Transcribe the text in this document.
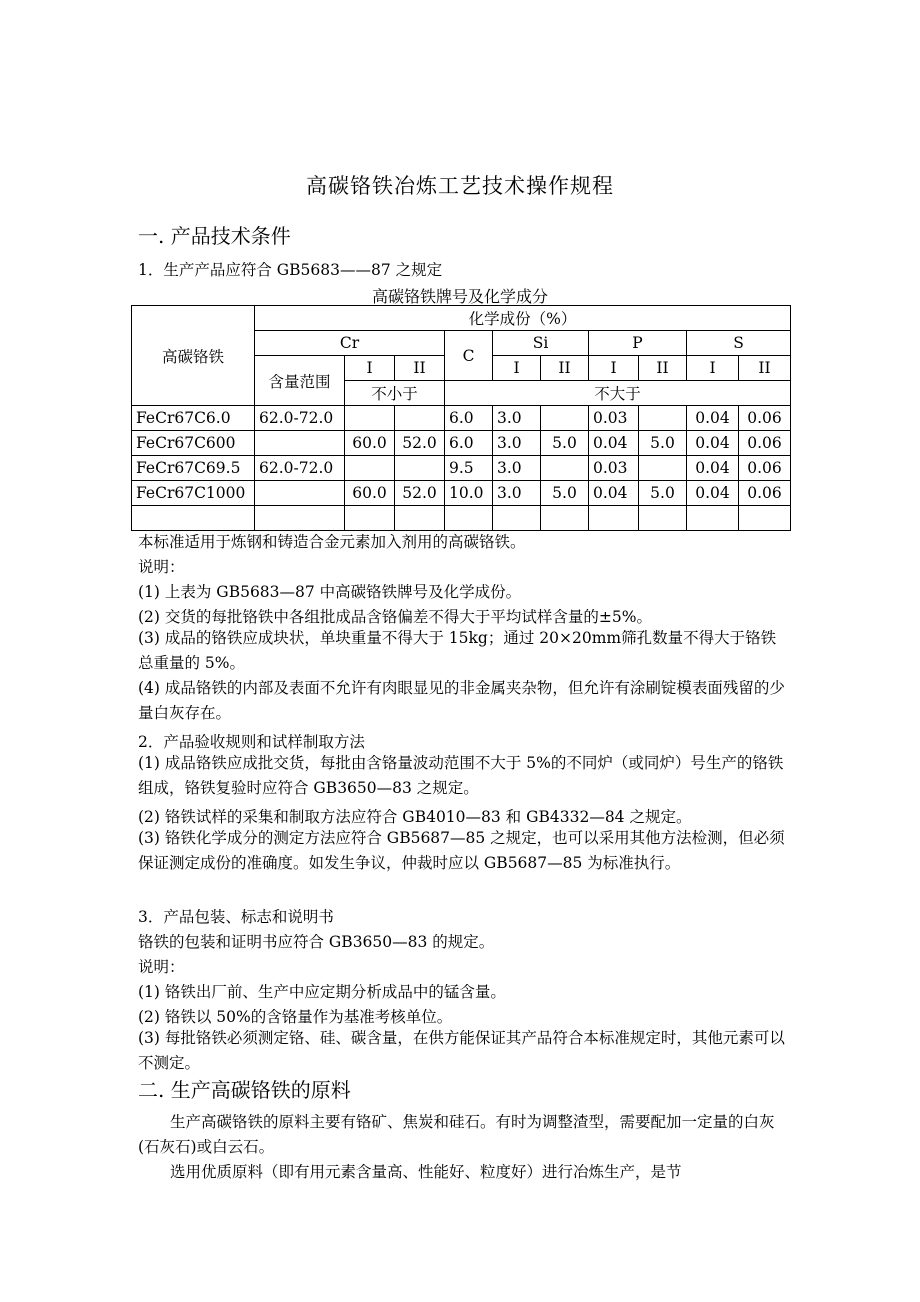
高碳铬铁冶炼工艺技术操作规程
一. 产品技术条件
1．生产产品应符合 GB5683——87 之规定
高碳铬铁牌号及化学成分
高碳铬铁	化学成份（%）									
	Cr			C	Si		P		S	
	含量范围	I	II		I	II	I	II	I	II
		不小于		不大于						
FeCr67C6.0	62.0-72.0			6.0	3.0		0.03		0.04	0.06
FeCr67C600		60.0	52.0	6.0	3.0	5.0	0.04	5.0	0.04	0.06
FeCr67C69.5	62.0-72.0			9.5	3.0		0.03		0.04	0.06
FeCr67C1000		60.0	52.0	10.0	3.0	5.0	0.04	5.0	0.04	0.06

本标准适用于炼钢和铸造合金元素加入剂用的高碳铬铁。
说明：
(1) 上表为 GB5683—87 中高碳铬铁牌号及化学成份。
(2) 交货的每批铬铁中各组批成品含铬偏差不得大于平均试样含量的±5%。
(3) 成品的铬铁应成块状，单块重量不得大于 15kg；通过 20×20mm筛孔数量不得大于铬铁总重量的 5%。
(4) 成品铬铁的内部及表面不允许有肉眼显见的非金属夹杂物，但允许有涂刷锭模表面残留的少量白灰存在。
2．产品验收规则和试样制取方法
(1) 成品铬铁应成批交货，每批由含铬量波动范围不大于 5%的不同炉（或同炉）号生产的铬铁组成，铬铁复验时应符合 GB3650—83 之规定。
(2) 铬铁试样的采集和制取方法应符合 GB4010—83 和 GB4332—84 之规定。
(3) 铬铁化学成分的测定方法应符合 GB5687—85 之规定，也可以采用其他方法检测，但必须保证测定成份的准确度。如发生争议，仲裁时应以 GB5687—85 为标准执行。
3．产品包装、标志和说明书
铬铁的包装和证明书应符合 GB3650—83 的规定。
说明：
(1) 铬铁出厂前、生产中应定期分析成品中的锰含量。
(2) 铬铁以 50%的含铬量作为基准考核单位。
(3) 每批铬铁必须测定铬、硅、碳含量，在供方能保证其产品符合本标准规定时，其他元素可以不测定。
二. 生产高碳铬铁的原料
生产高碳铬铁的原料主要有铬矿、焦炭和硅石。有时为调整渣型，需要配加一定量的白灰(石灰石)或白云石。
选用优质原料（即有用元素含量高、性能好、粒度好）进行冶炼生产，是节
